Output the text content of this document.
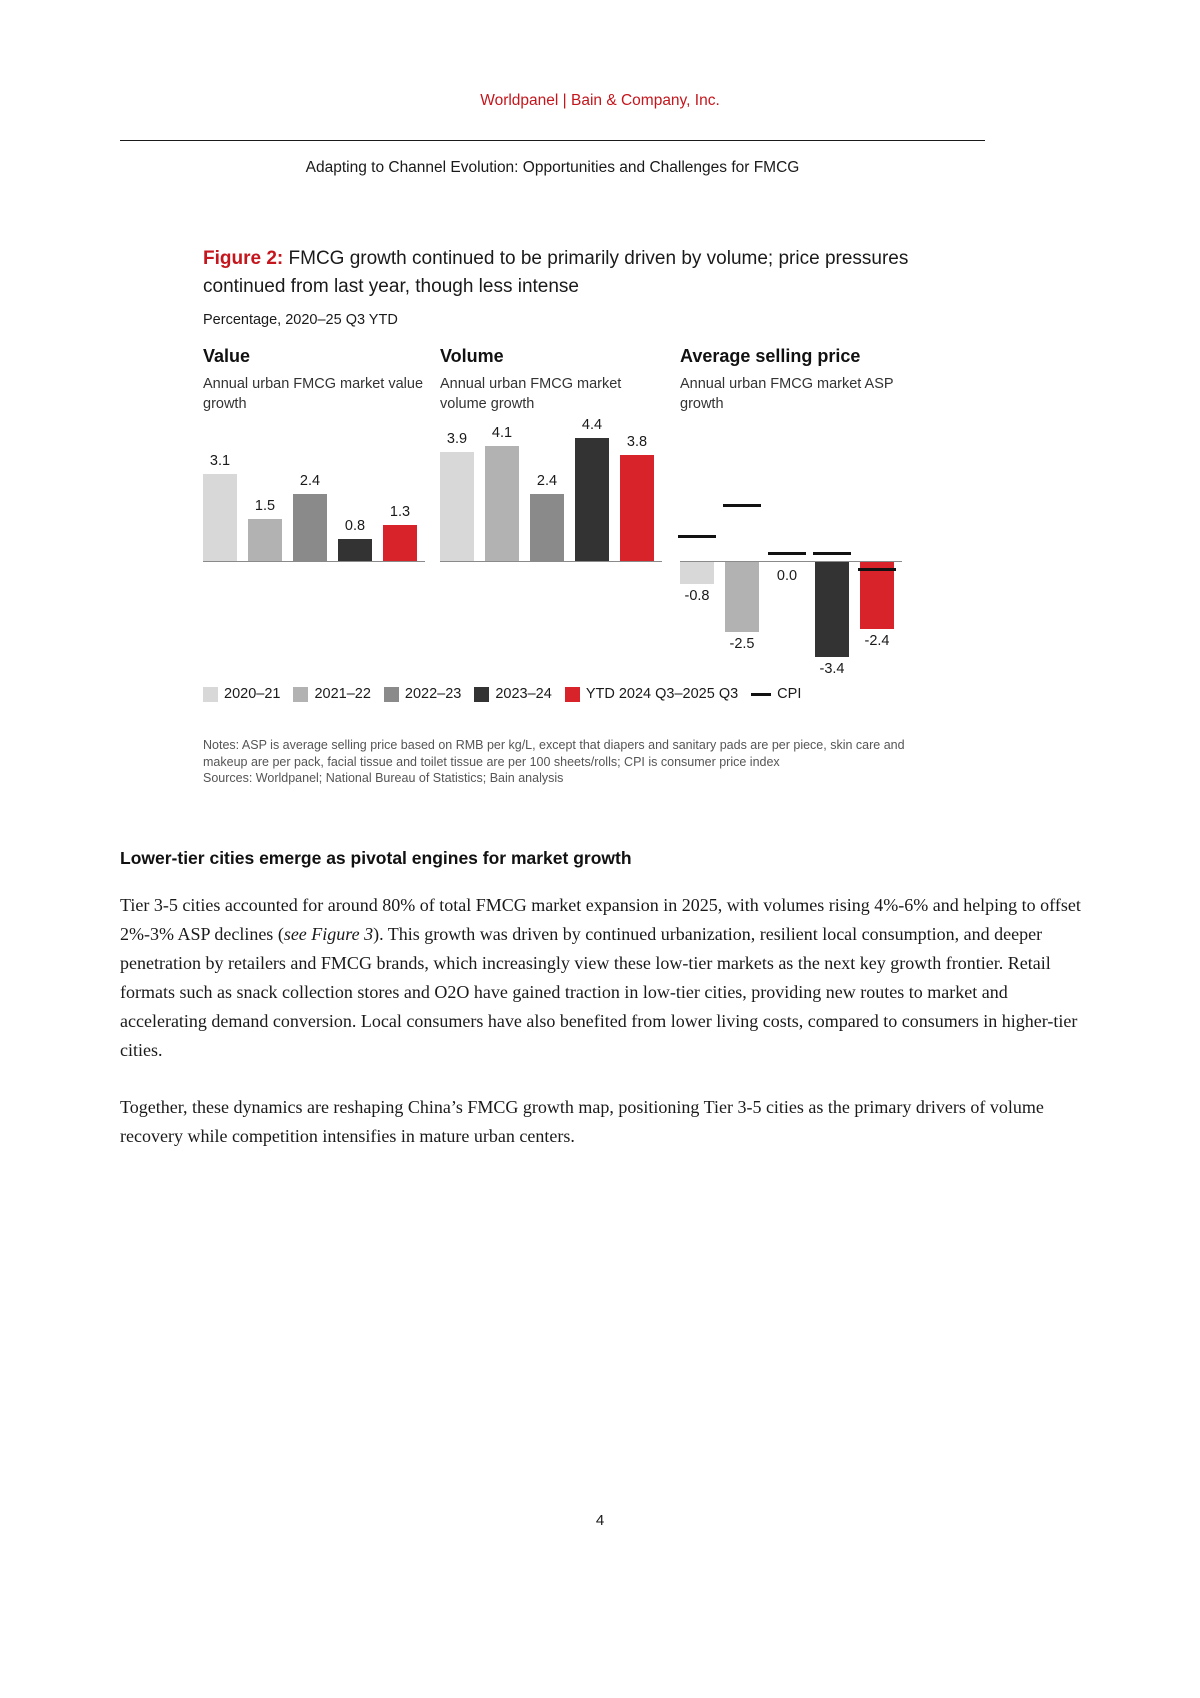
Worldpanel | Bain & Company, Inc.
Adapting to Channel Evolution: Opportunities and Challenges for FMCG
Figure 2: FMCG growth continued to be primarily driven by volume; price pressures continued from last year, though less intense
Percentage, 2020–25 Q3 YTD
Value
Annual urban FMCG market value growth
3.1
1.5
2.4
0.8
1.3
Volume
Annual urban FMCG market volume growth
3.9	4.1
2.4
4.4
3.8
Average selling price
Annual urban FMCG market ASP growth
-0.8
-2.5
0.0
-3.4
-2.4
2020–21 2021–22 2022–23 2023–24 YTD 2024 Q3–2025 Q3	CPI
Notes: ASP is average selling price based on RMB per kg/L, except that diapers and sanitary pads are per piece, skin care and makeup are per pack, facial tissue and toilet tissue are per 100 sheets/rolls; CPI is consumer price index
Sources: Worldpanel; National Bureau of Statistics; Bain analysis
Lower-tier cities emerge as pivotal engines for market growth

Tier 3-5 cities accounted for around 80% of total FMCG market expansion in 2025, with volumes rising 4%-6% and helping to offset 2%-3% ASP declines (see Figure 3). This growth was driven by continued urbanization, resilient local consumption, and deeper penetration by retailers and FMCG brands, which increasingly view these low-tier markets as the next key growth frontier. Retail formats such as snack collection stores and O2O have gained traction in low-tier cities, providing new routes to market and accelerating demand conversion. Local consumers have also benefited from lower living costs, compared to consumers in higher-tier cities.

Together, these dynamics are reshaping China’s FMCG growth map, positioning Tier 3-5 cities as the primary drivers of volume recovery while competition intensifies in mature urban centers.

4
